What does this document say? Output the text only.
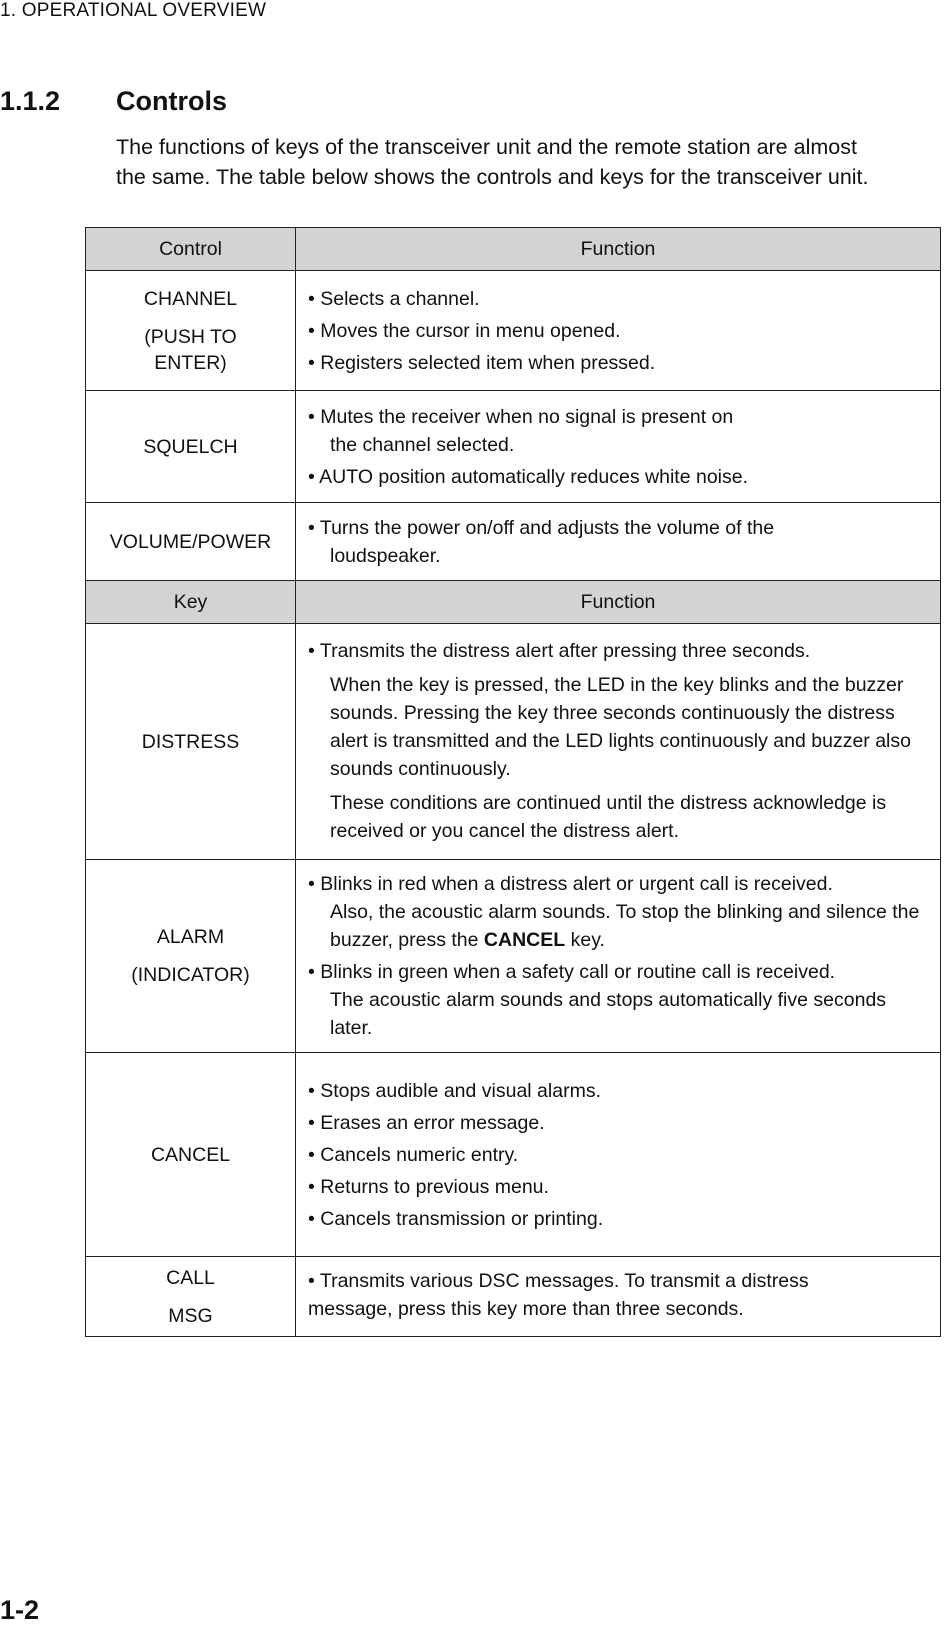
1. OPERATIONAL OVERVIEW
1.1.2 Controls
The functions of keys of the transceiver unit and the remote station are almost
the same. The table below shows the controls and keys for the transceiver unit.
Control	Function

CHANNEL
(PUSH TO
ENTER)	• Selects a channel.
• Moves the cursor in menu opened.
• Registers selected item when pressed.

SQUELCH	• Mutes the receiver when no signal is present on
the channel selected.
• AUTO position automatically reduces white noise.

VOLUME/POWER	• Turns the power on/off and adjusts the volume of the
loudspeaker.

Key	Function

DISTRESS	• Transmits the distress alert after pressing three seconds.
When the key is pressed, the LED in the key blinks and the buzzer sounds. Pressing the key three seconds continuously the distress alert is transmitted and the LED lights continuously and buzzer also sounds continuously.
These conditions are continued until the distress acknowledge is received or you cancel the distress alert.

ALARM
(INDICATOR)	• Blinks in red when a distress alert or urgent call is received.
Also, the acoustic alarm sounds. To stop the blinking and silence the buzzer, press the CANCEL key.
• Blinks in green when a safety call or routine call is received.
The acoustic alarm sounds and stops automatically five seconds later.

CANCEL	• Stops audible and visual alarms.
• Erases an error message.
• Cancels numeric entry.
• Returns to previous menu.
• Cancels transmission or printing.

CALL
MSG	• Transmits various DSC messages. To transmit a distress
message, press this key more than three seconds.
1-2
